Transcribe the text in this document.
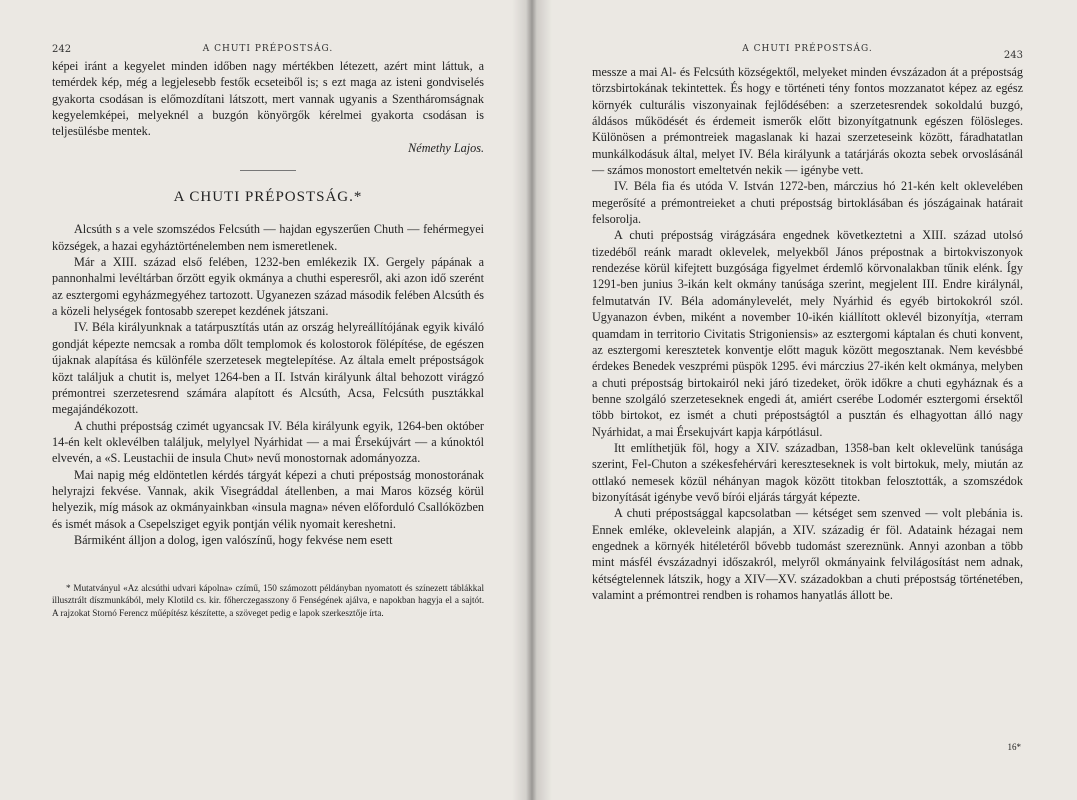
242	A CHUTI PRÉPOSTSÁG.

képei iránt a kegyelet minden időben nagy mértékben létezett, azért mint láttuk, a temérdek kép, még a legjelesebb festők ecseteiből is; s ezt maga az isteni gondviselés gyakorta csodásan is előmozdítani látszott, mert vannak ugyanis a Szentháromságnak kegyelemképei, melyeknél a buzgón könyörgők kérelmei gyakorta csodásan is teljesülésbe mentek.

Némethy Lajos.
A CHUTI PRÉPOSTSÁG.*

Alcsúth s a vele szomszédos Felcsúth — hajdan egyszerűen Chuth — fehérmegyei községek, a hazai egyháztörténelemben nem ismeretlenek.

Már a XIII. század első felében, 1232-ben emlékezik IX. Gergely pápának a pannonhalmi levéltárban őrzött egyik okmánya a chuthi esperesről, aki azon idő szerént az esztergomi egyházmegyéhez tartozott. Ugyanezen század második felében Alcsúth és a közeli helységek fontosabb szerepet kezdének játszani.

IV. Béla királyunknak a tatárpusztítás után az ország helyreállítójának egyik kiváló gondját képezte nemcsak a romba dőlt templomok és kolostorok fölépítése, de egészen újaknak alapítása és különféle szerzetesek megtelepítése. Az általa emelt prépostságok közt találjuk a chutit is, melyet 1264-ben a II. István királyunk által behozott virágzó prémontrei szerzetesrend számára alapított és Alcsúth, Acsa, Felcsúth pusztákkal megajándékozott.

A chuthi prépostság czimét ugyancsak IV. Béla királyunk egyik, 1264-ben október 14-én kelt oklevélben találjuk, melylyel Nyárhidat — a mai Érsekújvárt — a kúnoktól elvevén, a «S. Leustachii de insula Chut» nevű monostornak adományozza.

Mai napig még eldöntetlen kérdés tárgyát képezi a chuti prépostság monostorának helyrajzi fekvése. Vannak, akik Visegráddal átellenben, a mai Maros község körül helyezik, míg mások az okmányainkban «insula magna» néven előforduló Csallóközben és ismét mások a Csepelsziget egyik pontján vélik nyomait kereshetni.

Bármiként álljon a dolog, igen valószínű, hogy fekvése nem esett

* Mutatványul «Az alcsúthi udvari kápolna» czímű, 150 számozott példányban nyomatott és színezett táblákkal illusztrált díszmunkából, mely Klotild cs. kir. főherczegasszony ő Fenségének ajálva, e napokban hagyja el a sajtót. A rajzokat Stornó Ferencz műépítész készítette, a szöveget pedig e lapok szerkesztője írta.

A CHUTI PRÉPOSTSÁG.
243

messze a mai Al- és Felcsúth községektől, melyeket minden évszázadon át a prépostság törzsbirtokának tekintettek. És hogy e történeti tény fontos mozzanatot képez az egész környék culturális viszonyainak fejlődésében: a szerzetesrendek sokoldalú buzgó, áldásos működését és érdemeit ismerők előtt bizonyítgatnunk egészen fölösleges. Különösen a prémontreiek magaslanak ki hazai szerzeteseink között, fáradhatatlan munkálkodásuk által, melyet IV. Béla királyunk a tatárjárás okozta sebek orvoslásánál — számos monostort emeltetvén nekik — igénybe vett.

IV. Béla fia és utóda V. István 1272-ben, márczius hó 21-kén kelt oklevelében megerősíté a prémontreieket a chuti prépostság birtoklásában és jószágainak határait felsorolja.

A chuti prépostság virágzására engednek következtetni a XIII. század utolsó tizedéből reánk maradt oklevelek, melyekből János prépostnak a birtokviszonyok rendezése körül kifejtett buzgósága figyelmet érdemlő körvonalakban tűnik elénk. Így 1291-ben junius 3-ikán kelt okmány tanúsága szerint, megjelent III. Endre királynál, felmutatván IV. Béla adománylevelét, mely Nyárhid és egyéb birtokokról szól. Ugyanazon évben, miként a november 10-ikén kiállított oklevél bizonyítja, «terram quamdam in territorio Civitatis Strigoniensis» az esztergomi káptalan és chuti konvent, az esztergomi keresztetek konventje előtt maguk között megosztanak. Nem kevésbbé érdekes Benedek veszprémi püspök 1295. évi márczius 27-ikén kelt okmánya, melyben a chuti prépostság birtokairól neki járó tizedeket, örök időkre a chuti egyháznak és a benne szolgáló szerzeteseknek engedi át, amiért cserébe Lodomér esztergomi érsektől több birtokot, ez ismét a chuti prépostságtól a pusztán és elhagyottan álló nagy Nyárhidat, a mai Érsekujvárt kapja kárpótlásul.

Itt említhetjük föl, hogy a XIV. században, 1358-ban kelt oklevelünk tanúsága szerint, Fel-Chuton a székesfehérvári kereszteseknek is volt birtokuk, mely, miután az ottlakó nemesek közül néhányan magok között titokban felosztották, a szomszédok bizonyítását igénybe vevő bírói eljárás tárgyát képezte.

A chuti prépostsággal kapcsolatban — kétséget sem szenved — volt plebánia is. Ennek emléke, okleveleink alapján, a XIV. századig ér föl. Adataink hézagai nem engednek a környék hitéletéről bővebb tudomást szereznünk. Annyi azonban a több mint másfél évszázadnyi időszakról, melyről okmányaink felvilágosítást nem adnak, kétségtelennek látszik, hogy a XIV—XV. századokban a chuti prépostság történetében, valamint a prémontrei rendben is rohamos hanyatlás állott be.

16*
